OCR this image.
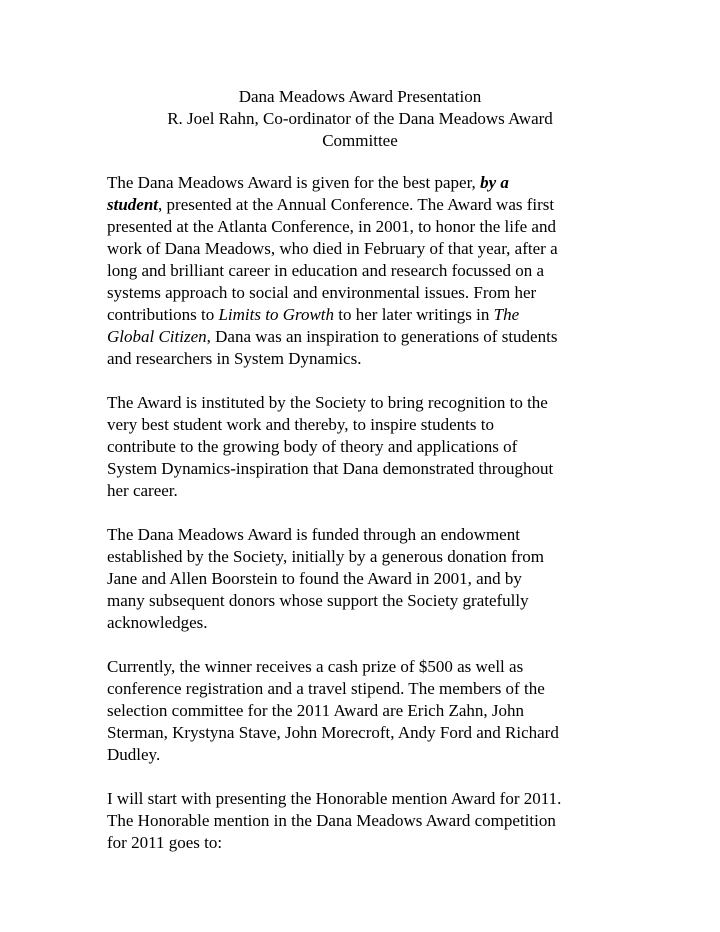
Dana Meadows Award Presentation
R. Joel Rahn, Co-ordinator of the Dana Meadows Award
Committee
The Dana Meadows Award is given for the best paper, by a
student, presented at the Annual Conference. The Award was first
presented at the Atlanta Conference, in 2001, to honor the life and
work of Dana Meadows, who died in February of that year, after a
long and brilliant career in education and research focussed on a
systems approach to social and environmental issues. From her
contributions to Limits to Growth to her later writings in The
Global Citizen, Dana was an inspiration to generations of students
and researchers in System Dynamics.
The Award is instituted by the Society to bring recognition to the
very best student work and thereby, to inspire students to
contribute to the growing body of theory and applications of
System Dynamics-inspiration that Dana demonstrated throughout
her career.
The Dana Meadows Award is funded through an endowment
established by the Society, initially by a generous donation from
Jane and Allen Boorstein to found the Award in 2001, and by
many subsequent donors whose support the Society gratefully
acknowledges.
Currently, the winner receives a cash prize of $500 as well as
conference registration and a travel stipend. The members of the
selection committee for the 2011 Award are Erich Zahn, John
Sterman, Krystyna Stave, John Morecroft, Andy Ford and Richard
Dudley.
I will start with presenting the Honorable mention Award for 2011.
The Honorable mention in the Dana Meadows Award competition
for 2011 goes to:
